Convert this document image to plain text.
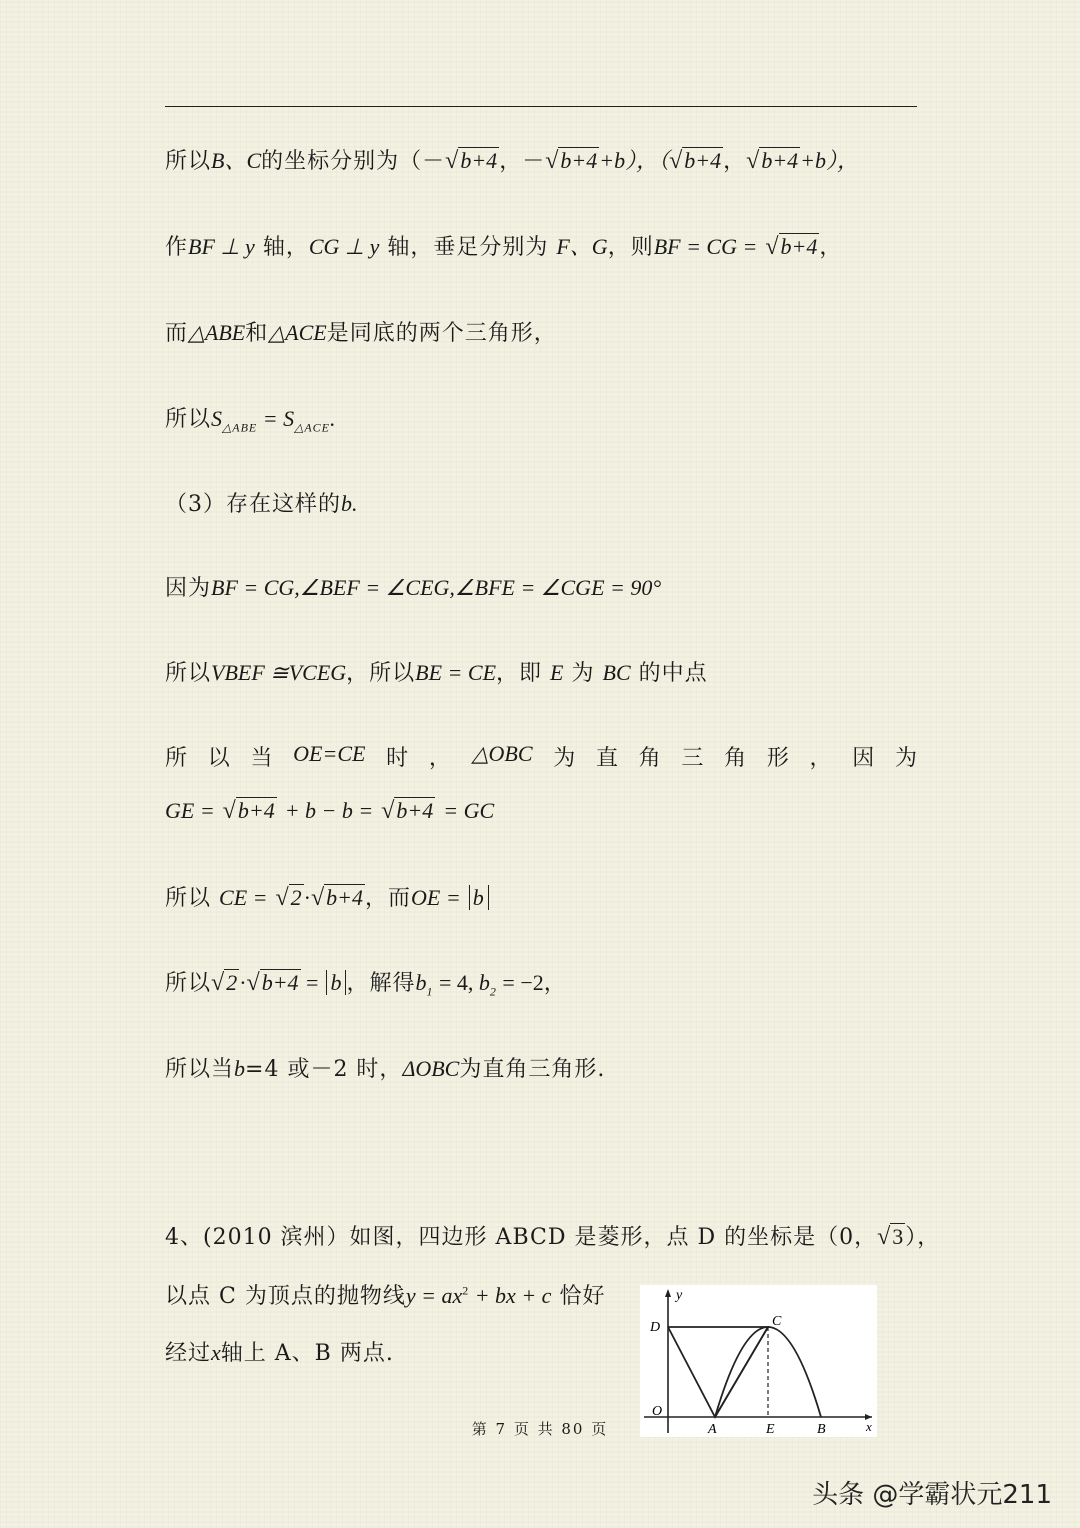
所以B、C的坐标分别为（－√b+4，－√b+4+b），（√b+4，√b+4+b），
作BF ⊥ y 轴，CG ⊥ y 轴，垂足分别为 F、G，则BF = CG = √b+4，
而△ABE和△ACE是同底的两个三角形，
所以$S_{\triangle ABE} = S_{\triangle ACE}$.
（3）存在这样的b.
因为BF = CG,∠BEF = ∠CEG,∠BFE = ∠CGE = 90°
所以VBEF ≅VCEG，所以BE = CE，即 E 为 BC 的中点
所 以 当 OE=CE 时 ， △OBC 为 直 角 三 角 形 ， 因 为
GE = √b+4 + b − b = √b+4 = GC
所以 CE = √2·√b+4，而OE = b
所以√2·√b+4 = b ，解得$b_1 = 4$, $b_2 = -2$，
所以当b=4 或－2 时，ΔOBC为直角三角形.
4、(2010 滨州）如图，四边形 ABCD 是菱形，点 D 的坐标是（0，√3），
以点 C 为顶点的抛物线$y = ax^2$ + bx + c 恰好
经过x轴上 A、B 两点.
y
D	C
O
A	E	B	x
第 7 页 共 80 页
头条 @学霸状元211
